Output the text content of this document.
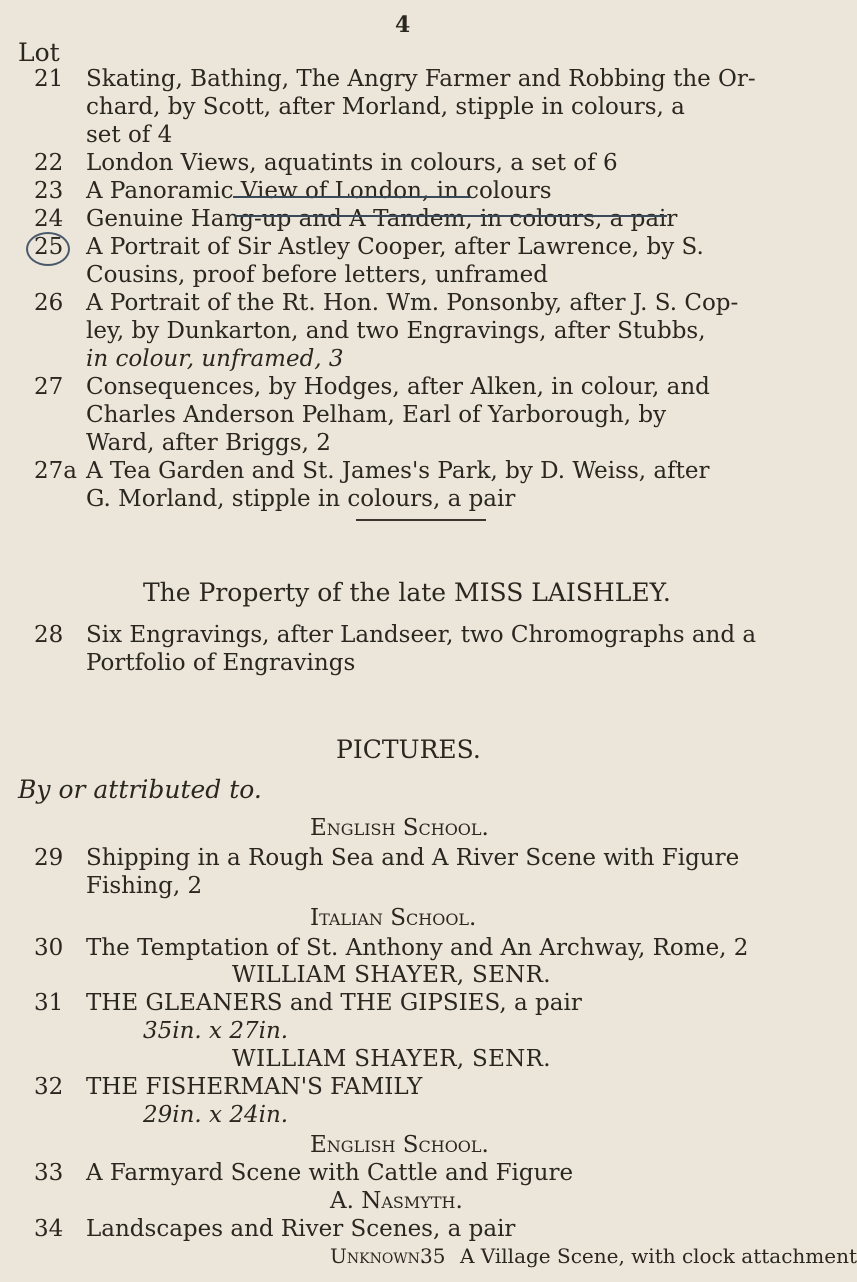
4
Lot
21 Skating, Bathing, The Angry Farmer and Robbing the Or-
chard, by Scott, after Morland, stipple in colours, a
set of 4
22 London Views, aquatints in colours, a set of 6
23 A Panoramic View of London, in colours
24 Genuine Hang-up and A Tandem, in colours, a pair
25 A Portrait of Sir Astley Cooper, after Lawrence, by S.
Cousins, proof before letters, unframed
26 A Portrait of the Rt. Hon. Wm. Ponsonby, after J. S. Cop-
ley, by Dunkarton, and two Engravings, after Stubbs,
in colour, unframed, 3
27 Consequences, by Hodges, after Alken, in colour, and
Charles Anderson Pelham, Earl of Yarborough, by
Ward, after Briggs, 2
27a A Tea Garden and St. James's Park, by D. Weiss, after
G. Morland, stipple in colours, a pair
The Property of the late MISS LAISHLEY.
28 Six Engravings, after Landseer, two Chromographs and a
Portfolio of Engravings
PICTURES.
By or attributed to.
English School.
29 Shipping in a Rough Sea and A River Scene with Figure
Fishing, 2
Italian School.
30 The Temptation of St. Anthony and An Archway, Rome, 2
WILLIAM SHAYER, SENR.
31 THE GLEANERS and THE GIPSIES, a pair
35in. x 27in.
WILLIAM SHAYER, SENR.
32 THE FISHERMAN'S FAMILY
29in. x 24in.
English School.
33 A Farmyard Scene with Cattle and Figure
A. Nasmyth.
34 Landscapes and River Scenes, a pair
Unknown.
35 A Village Scene, with clock attachment
